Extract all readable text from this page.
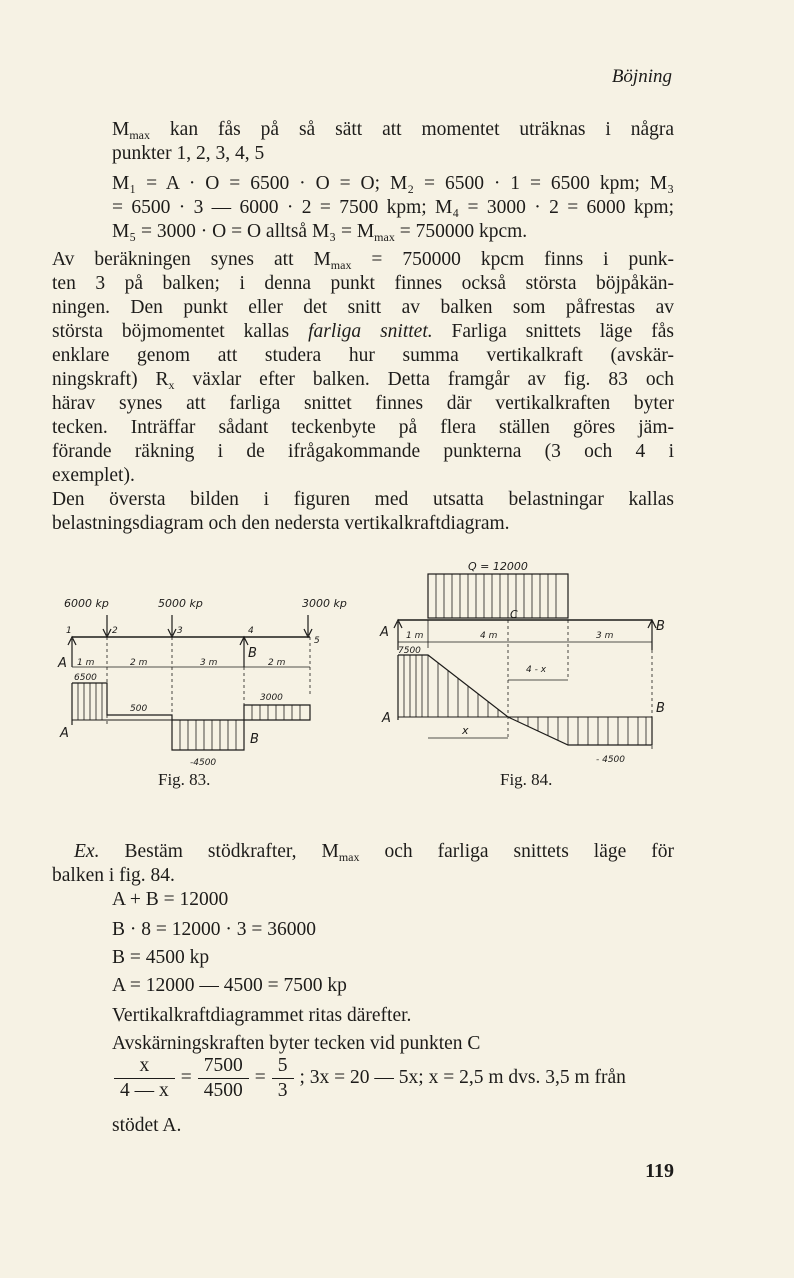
Böjning
$M_{max}$ kan fås på så sätt att momentet uträknas i några
punkter 1, 2, 3, 4, 5
M₁ = A · O = 6500 · O = O; M₂ = 6500 · 1 = 6500 kpm; M₃
= 6500 · 3 — 6000 · 2 = 7500 kpm; M₄ = 3000 · 2 = 6000 kpm;
M₅ = 3000 · O = O alltså $M_3 = M_{max} = 750000$ kpcm.
Av beräkningen synes att $M_{max} = 750000$ kpcm finns i punk-
ten 3 på balken; i denna punkt finnes också största böjpåkän-
ningen. Den punkt eller det snitt av balken som påfrestas av
största böjmomentet kallas farliga snittet. Farliga snittets läge fås
enklare genom att studera hur summa vertikalkraft (avskär-
ningskraft) $R_x$ växlar efter balken. Detta framgår av fig. 83 och
härav synes att farliga snittet finnes där vertikalkraften byter
tecken. Inträffar sådant teckenbyte på flera ställen göres jäm-
förande räkning i de ifrågakommande punkterna (3 och 4 i
exemplet).
Den översta bilden i figuren med utsatta belastningar kallas
belastningsdiagram och den nedersta vertikalkraftdiagram.
6000 kp	5000 kp	3000 kp
1	2	3	4
5
A
B
1 m	2 m	3 m	2 m
6500
500
3000
-4500
A	B
Fig. 83.
Q = 12000
C
A	B
1 m	4 m	3 m
4 - x
x
7500
- 4500
A
B
Fig. 84.
Ex. Bestäm stödkrafter, $M_{max}$ och farliga snittets läge för
balken i fig. 84.
A + B = 12000
B · 8 = 12000 · 3 = 36000
B = 4500 kp
A = 12000 — 4500 = 7500 kp
Vertikalkraftdiagrammet ritas därefter.
Avskärningskraften byter tecken vid punkten C
$\frac{x}{4 — x} = \frac{7500}{4500} = \frac{5}{3}$ ; 3x = 20 — 5x; x = 2,5 m dvs. 3,5 m från
stödet A.
119
